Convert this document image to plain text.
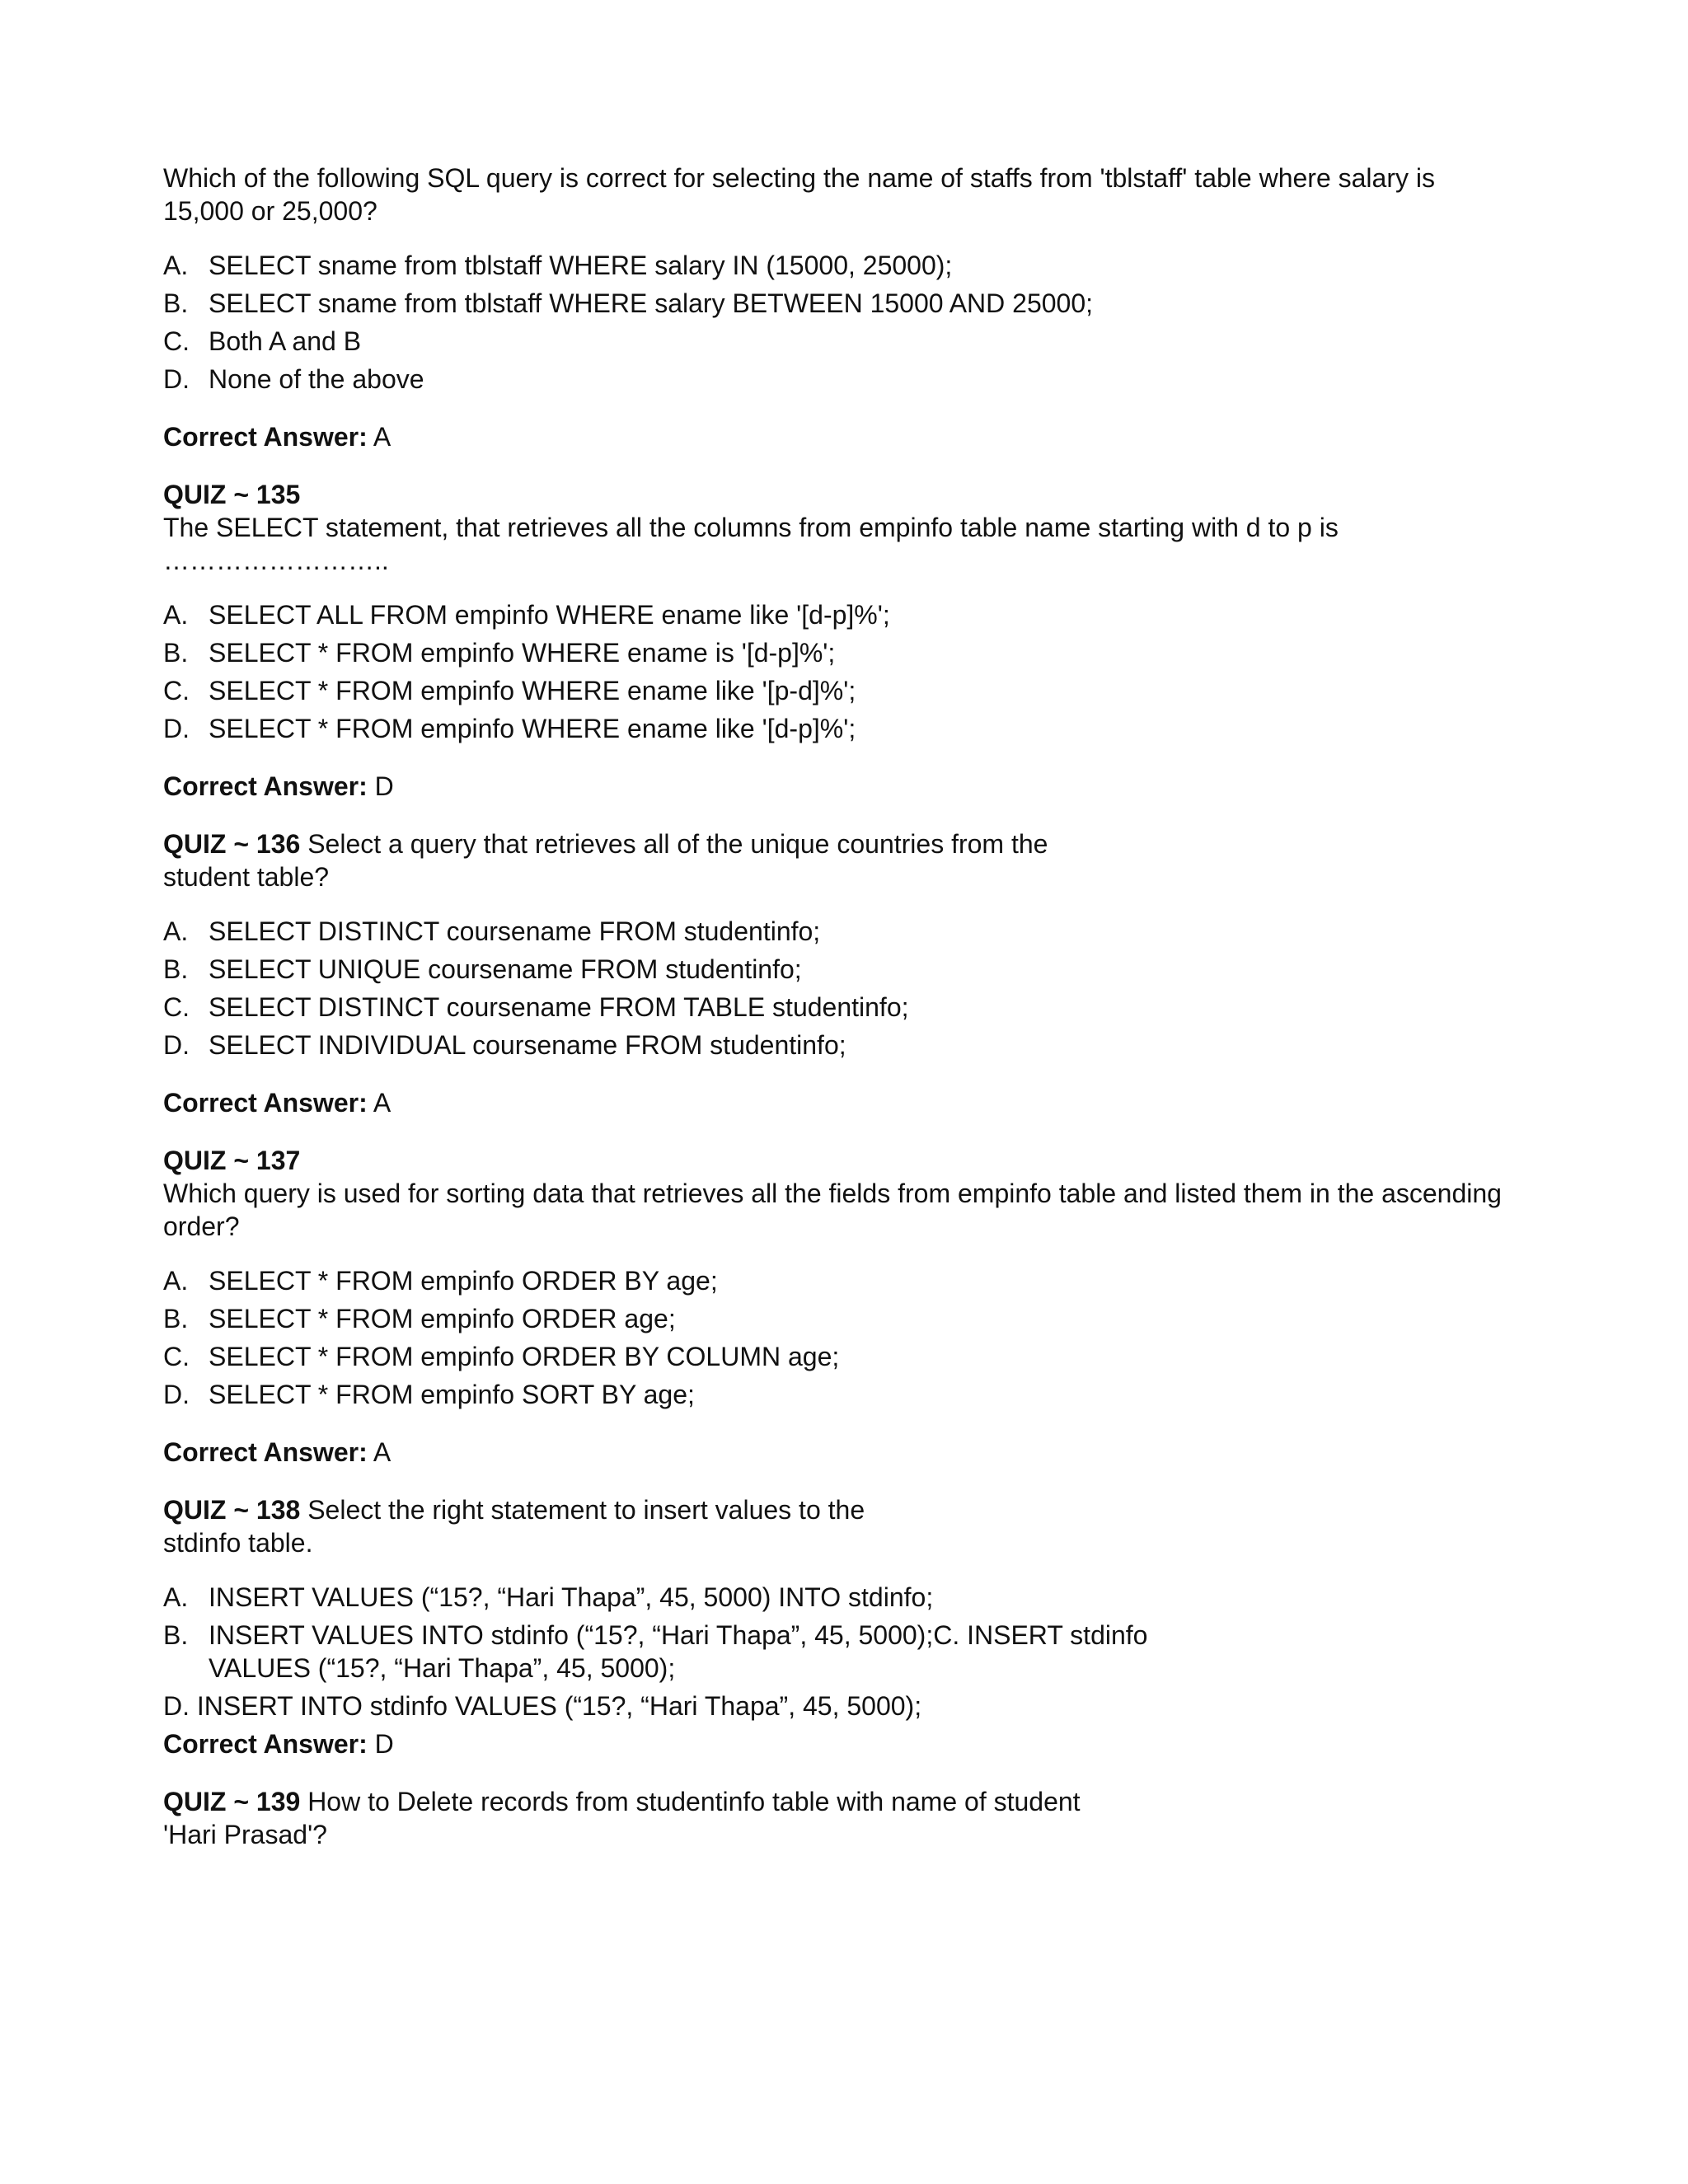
Which of the following SQL query is correct for selecting the name of staffs from 'tblstaff' table where salary is 15,000 or 25,000?

A. SELECT sname from tblstaff WHERE salary IN (15000, 25000);
B. SELECT sname from tblstaff WHERE salary BETWEEN 15000 AND 25000;
C. Both A and B
D. None of the above

Correct Answer: A

QUIZ ~ 135

The SELECT statement, that retrieves all the columns from empinfo table name starting with d to p is

……………………..

A. SELECT ALL FROM empinfo WHERE ename like '[d-p]%';
B. SELECT * FROM empinfo WHERE ename is '[d-p]%';
C. SELECT * FROM empinfo WHERE ename like '[p-d]%';
D. SELECT * FROM empinfo WHERE ename like '[d-p]%';

Correct Answer: D

QUIZ ~ 136 Select a query that retrieves all of the unique countries from the

student table?

A. SELECT DISTINCT coursename FROM studentinfo;
B. SELECT UNIQUE coursename FROM studentinfo;
C. SELECT DISTINCT coursename FROM TABLE studentinfo;
D. SELECT INDIVIDUAL coursename FROM studentinfo;

Correct Answer: A

QUIZ ~ 137

Which query is used for sorting data that retrieves all the fields from empinfo table and listed them in the ascending order?

A. SELECT * FROM empinfo ORDER BY age;
B. SELECT * FROM empinfo ORDER age;
C. SELECT * FROM empinfo ORDER BY COLUMN age;
D. SELECT * FROM empinfo SORT BY age;

Correct Answer: A

QUIZ ~ 138 Select the right statement to insert values to the

stdinfo table.

A. INSERT VALUES (“15?, “Hari Thapa”, 45, 5000) INTO stdinfo;
B. INSERT VALUES INTO stdinfo (“15?, “Hari Thapa”, 45, 5000);C. INSERT stdinfo
VALUES (“15?, “Hari Thapa”, 45, 5000);

D. INSERT INTO stdinfo VALUES (“15?, “Hari Thapa”, 45, 5000);

Correct Answer: D

QUIZ ~ 139 How to Delete records from studentinfo table with name of student

'Hari Prasad'?
